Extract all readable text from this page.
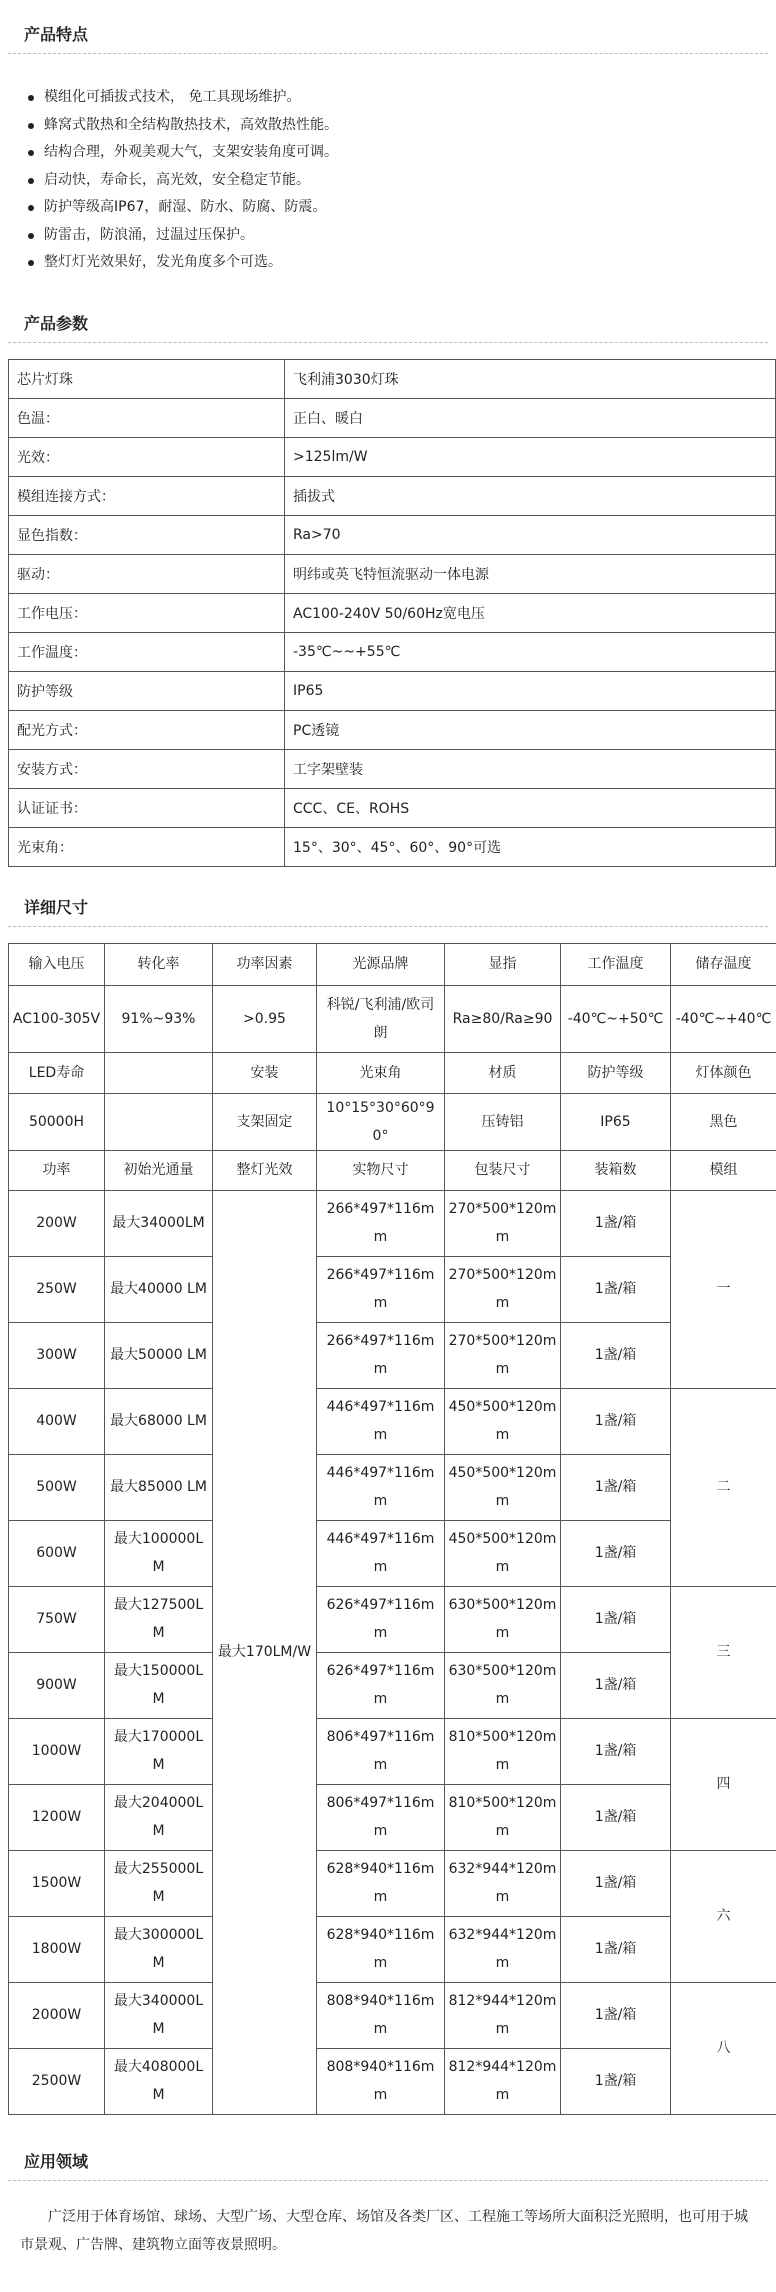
产品特点
模组化可插拔式技术， 免工具现场维护。
蜂窝式散热和全结构散热技术，高效散热性能。
结构合理，外观美观大气，支架安装角度可调。
启动快，寿命长，高光效，安全稳定节能。
防护等级高IP67，耐湿、防水、防腐、防震。
防雷击，防浪涌，过温过压保护。
整灯灯光效果好，发光角度多个可选。
产品参数
芯片灯珠	飞利浦3030灯珠
色温：	正白、暖白
光效：	>125lm/W
模组连接方式：	插拔式
显色指数：	Ra>70
驱动：	明纬或英飞特恒流驱动一体电源
工作电压：	AC100-240V 50/60Hz宽电压
工作温度：	-35℃~~+55℃
防护等级	IP65
配光方式：	PC透镜
安装方式：	工字架壁装
认证证书：	CCC、CE、ROHS
光束角：	15°、30°、45°、60°、90°可选
详细尺寸
输入电压	转化率	功率因素	光源品牌	显指	工作温度	储存温度
AC100-305V	91%~93%	>0.95	科锐/飞利浦/欧司朗	Ra≥80/Ra≥90	-40℃~+50℃	-40℃~+40℃
LED寿命		安装	光束角	材质	防护等级	灯体颜色
50000H		支架固定	10°15°30°60°90°	压铸铝	IP65	黑色
功率	初始光通量	整灯光效	实物尺寸	包装尺寸	装箱数	模组
200W	最大34000LM	最大170LM/W	266*497*116mm	270*500*120mm	1盏/箱	一
250W	最大40000 LM		266*497*116mm	270*500*120mm	1盏/箱	
300W	最大50000 LM		266*497*116mm	270*500*120mm	1盏/箱	
400W	最大68000 LM		446*497*116mm	450*500*120mm	1盏/箱	二
500W	最大85000 LM		446*497*116mm	450*500*120mm	1盏/箱	
600W	最大100000LM		446*497*116mm	450*500*120mm	1盏/箱	
750W	最大127500LM		626*497*116mm	630*500*120mm	1盏/箱	三
900W	最大150000LM		626*497*116mm	630*500*120mm	1盏/箱	
1000W	最大170000LM		806*497*116mm	810*500*120mm	1盏/箱	四
1200W	最大204000LM		806*497*116mm	810*500*120mm	1盏/箱	
1500W	最大255000LM		628*940*116mm	632*944*120mm	1盏/箱	六
1800W	最大300000LM		628*940*116mm	632*944*120mm	1盏/箱	
2000W	最大340000LM		808*940*116mm	812*944*120mm	1盏/箱	八
2500W	最大408000LM		808*940*116mm	812*944*120mm	1盏/箱	
应用领域

广泛用于体育场馆、球场、大型广场、大型仓库、场馆及各类厂区、工程施工等场所大面积泛光照明，也可用于城市景观、广告牌、建筑物立面等夜景照明。
